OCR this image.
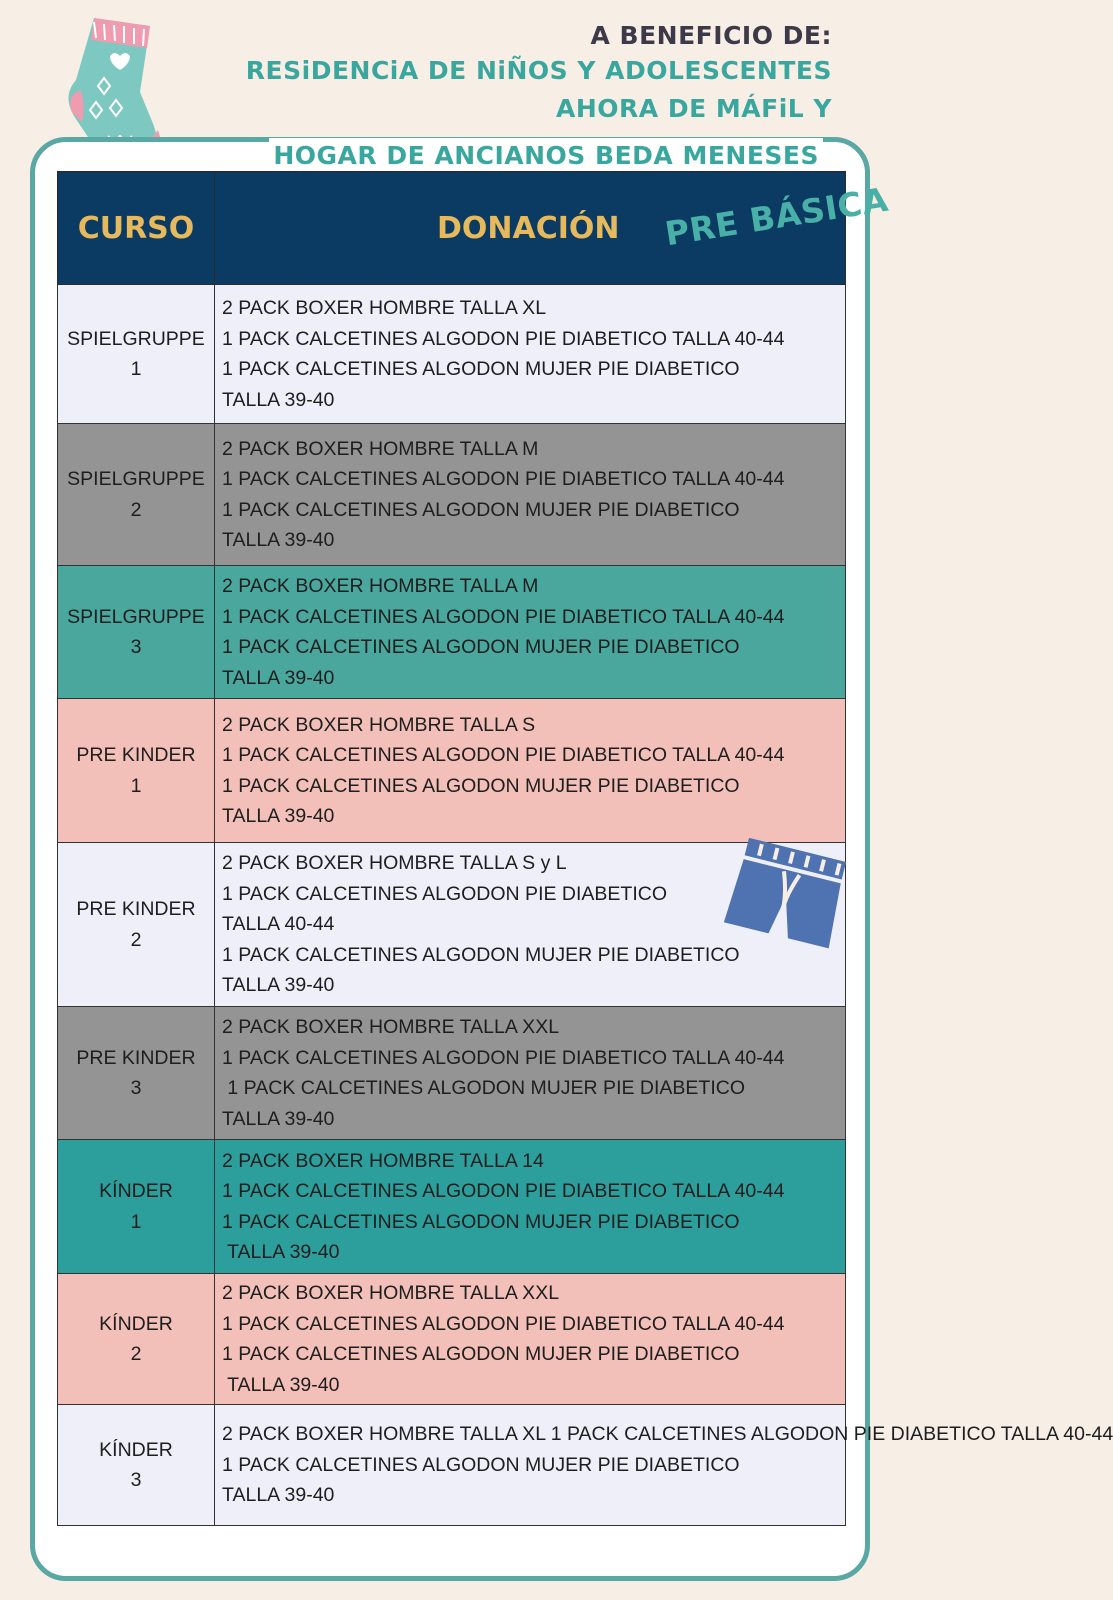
A BENEFICIO DE:
RESiDENCiA DE NiÑOS Y ADOLESCENTES
AHORA DE MÁFiL Y
HOGAR DE ANCIANOS BEDA MENESES
CURSO	DONACIÓN

SPIELGRUPPE
1	2 PACK BOXER HOMBRE TALLA XL
1 PACK CALCETINES ALGODON PIE DIABETICO TALLA 40-44
1 PACK CALCETINES ALGODON MUJER PIE DIABETICO
TALLA 39-40

SPIELGRUPPE
2	2 PACK BOXER HOMBRE TALLA M
1 PACK CALCETINES ALGODON PIE DIABETICO TALLA 40-44
1 PACK CALCETINES ALGODON MUJER PIE DIABETICO
TALLA 39-40

SPIELGRUPPE
3	2 PACK BOXER HOMBRE TALLA M
1 PACK CALCETINES ALGODON PIE DIABETICO TALLA 40-44
1 PACK CALCETINES ALGODON MUJER PIE DIABETICO
TALLA 39-40

PRE KINDER
1	2 PACK BOXER HOMBRE TALLA S
1 PACK CALCETINES ALGODON PIE DIABETICO TALLA 40-44
1 PACK CALCETINES ALGODON MUJER PIE DIABETICO
TALLA 39-40

PRE KINDER
2	2 PACK BOXER HOMBRE TALLA S y L
1 PACK CALCETINES ALGODON PIE DIABETICO
TALLA 40-44
1 PACK CALCETINES ALGODON MUJER PIE DIABETICO
TALLA 39-40

PRE KINDER
3	2 PACK BOXER HOMBRE TALLA XXL
1 PACK CALCETINES ALGODON PIE DIABETICO TALLA 40-44
1 PACK CALCETINES ALGODON MUJER PIE DIABETICO
TALLA 39-40

KÍNDER
1	2 PACK BOXER HOMBRE TALLA 14
1 PACK CALCETINES ALGODON PIE DIABETICO TALLA 40-44
1 PACK CALCETINES ALGODON MUJER PIE DIABETICO
TALLA 39-40

KÍNDER
2	2 PACK BOXER HOMBRE TALLA XXL
1 PACK CALCETINES ALGODON PIE DIABETICO TALLA 40-44
1 PACK CALCETINES ALGODON MUJER PIE DIABETICO
TALLA 39-40

KÍNDER
3	2 PACK BOXER HOMBRE TALLA XL 1 PACK CALCETINES ALGODON PIE DIABETICO TALLA 40-44
1 PACK CALCETINES ALGODON MUJER PIE DIABETICO
TALLA 39-40
PRE BÁSICA
